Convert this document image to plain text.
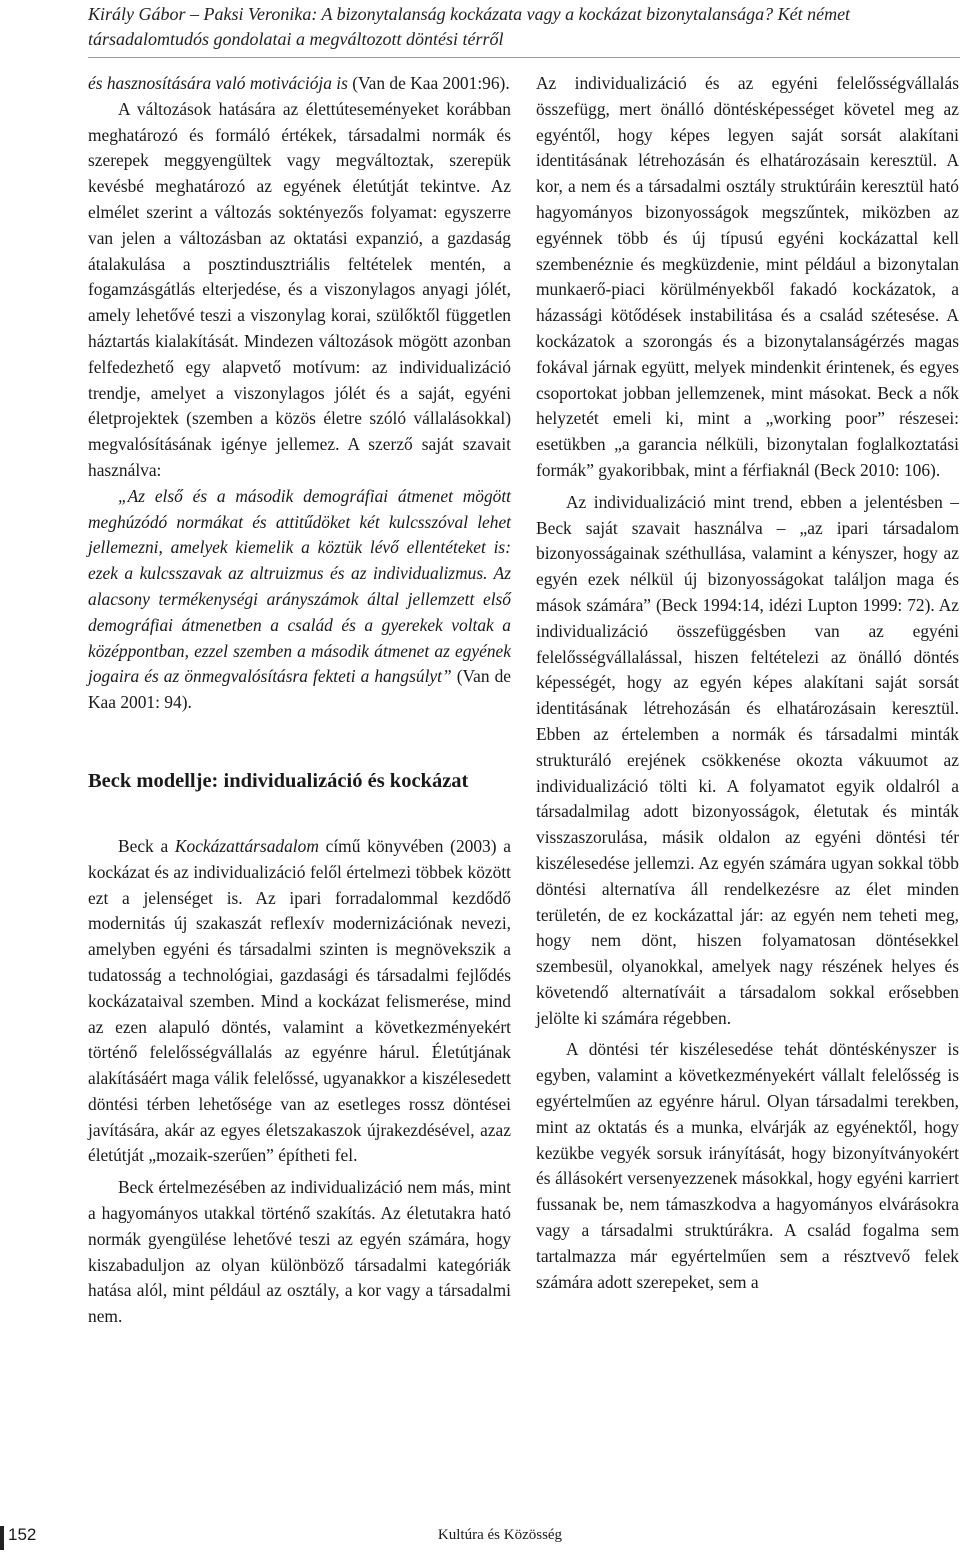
Király Gábor – Paksi Veronika: A bizonytalanság kockázata vagy a kockázat bizonytalansága? Két német társadalomtudós gondolatai a megváltozott döntési térről

és hasznosítására való motivációja is (Van de Kaa 2001:96).

A változások hatására az élettúteseményeket korábban meghatározó és formáló értékek, társadalmi normák és szerepek meggyengültek vagy megváltoztak, szerepük kevésbé meghatározó az egyének életútját tekintve. Az elmélet szerint a változás soktényezős folyamat: egyszerre van jelen a változásban az oktatási expanzió, a gazdaság átalakulása a posztindusztriális feltételek mentén, a fogamzásgátlás elterjedése, és a viszonylagos anyagi jólét, amely lehetővé teszi a viszonylag korai, szülőktől független háztartás kialakítását. Mindezen változások mögött azonban felfedezhető egy alapvető motívum: az individualizáció trendje, amelyet a viszonylagos jólét és a saját, egyéni életprojektek (szemben a közös életre szóló vállalásokkal) megvalósításának igénye jellemez. A szerző saját szavait használva:

„Az első és a második demográfiai átmenet mögött meghúzódó normákat és attitűdöket két kulcsszóval lehet jellemezni, amelyek kiemelik a köztük lévő ellentéteket is: ezek a kulcsszavak az altruizmus és az individualizmus. Az alacsony termékenységi arányszámok által jellemzett első demográfiai átmenetben a család és a gyerekek voltak a középpontban, ezzel szemben a második átmenet az egyének jogaira és az önmegvalósításra fekteti a hangsúlyt” (Van de Kaa 2001: 94).

Beck modellje: individualizáció és kockázat

Beck a Kockázattársadalom című könyvében (2003) a kockázat és az individualizáció felől értelmezi többek között ezt a jelenséget is. Az ipari forradalommal kezdődő modernitás új szakaszát reflexív modernizációnak nevezi, amelyben egyéni és társadalmi szinten is megnövekszik a tudatosság a technológiai, gazdasági és társadalmi fejlődés kockázataival szemben. Mind a kockázat felismerése, mind az ezen alapuló döntés, valamint a következményekért történő felelősségvállalás az egyénre hárul. Életútjának alakításáért maga válik felelőssé, ugyanakkor a kiszélesedett döntési térben lehetősége van az esetleges rossz döntései javítására, akár az egyes életszakaszok újrakezdésével, azaz életútját „mozaik-szerűen” építheti fel.

Beck értelmezésében az individualizáció nem más, mint a hagyományos utakkal történő szakítás. Az életutakra ható normák gyengülése lehetővé teszi az egyén számára, hogy kiszabaduljon az olyan különböző társadalmi kategóriák hatása alól, mint például az osztály, a kor vagy a társadalmi nem.

Az individualizáció és az egyéni felelősségvállalás összefügg, mert önálló döntésképességet követel meg az egyéntől, hogy képes legyen saját sorsát alakítani identitásának létrehozásán és elhatározásain keresztül. A kor, a nem és a társadalmi osztály struktúráin keresztül ható hagyományos bizonyosságok megszűntek, miközben az egyénnek több és új típusú egyéni kockázattal kell szembenéznie és megküzdenie, mint például a bizonytalan munkaerő-piaci körülményekből fakadó kockázatok, a házassági kötődések instabilitása és a család szétesése. A kockázatok a szorongás és a bizonytalanságérzés magas fokával járnak együtt, melyek mindenkit érintenek, és egyes csoportokat jobban jellemzenek, mint másokat. Beck a nők helyzetét emeli ki, mint a „working poor” részesei: esetükben „a garancia nélküli, bizonytalan foglalkoztatási formák” gyakoribbak, mint a férfiaknál (Beck 2010: 106).

Az individualizáció mint trend, ebben a jelentésben – Beck saját szavait használva – „az ipari társadalom bizonyosságainak széthullása, valamint a kényszer, hogy az egyén ezek nélkül új bizonyosságokat találjon maga és mások számára” (Beck 1994:14, idézi Lupton 1999: 72). Az individualizáció összefüggésben van az egyéni felelősségvállalással, hiszen feltételezi az önálló döntés képességét, hogy az egyén képes alakítani saját sorsát identitásának létrehozásán és elhatározásain keresztül. Ebben az értelemben a normák és társadalmi minták strukturáló erejének csökkenése okozta vákuumot az individualizáció tölti ki. A folyamatot egyik oldalról a társadalmilag adott bizonyosságok, életutak és minták visszaszorulása, másik oldalon az egyéni döntési tér kiszélesedése jellemzi. Az egyén számára ugyan sokkal több döntési alternatíva áll rendelkezésre az élet minden területén, de ez kockázattal jár: az egyén nem teheti meg, hogy nem dönt, hiszen folyamatosan döntésekkel szembesül, olyanokkal, amelyek nagy részének helyes és követendő alternatíváit a társadalom sokkal erősebben jelölte ki számára régebben.

A döntési tér kiszélesedése tehát döntéskényszer is egyben, valamint a következményekért vállalt felelősség is egyértelműen az egyénre hárul. Olyan társadalmi terekben, mint az oktatás és a munka, elvárják az egyénektől, hogy kezükbe vegyék sorsuk irányítását, hogy bizonyítványokért és állásokért versenyezzenek másokkal, hogy egyéni karriert fussanak be, nem támaszkodva a hagyományos elvárásokra vagy a társadalmi struktúrákra. A család fogalma sem tartalmazza már egyértelműen sem a résztvevő felek számára adott szerepeket, sem a

152	Kultúra és Közösség
